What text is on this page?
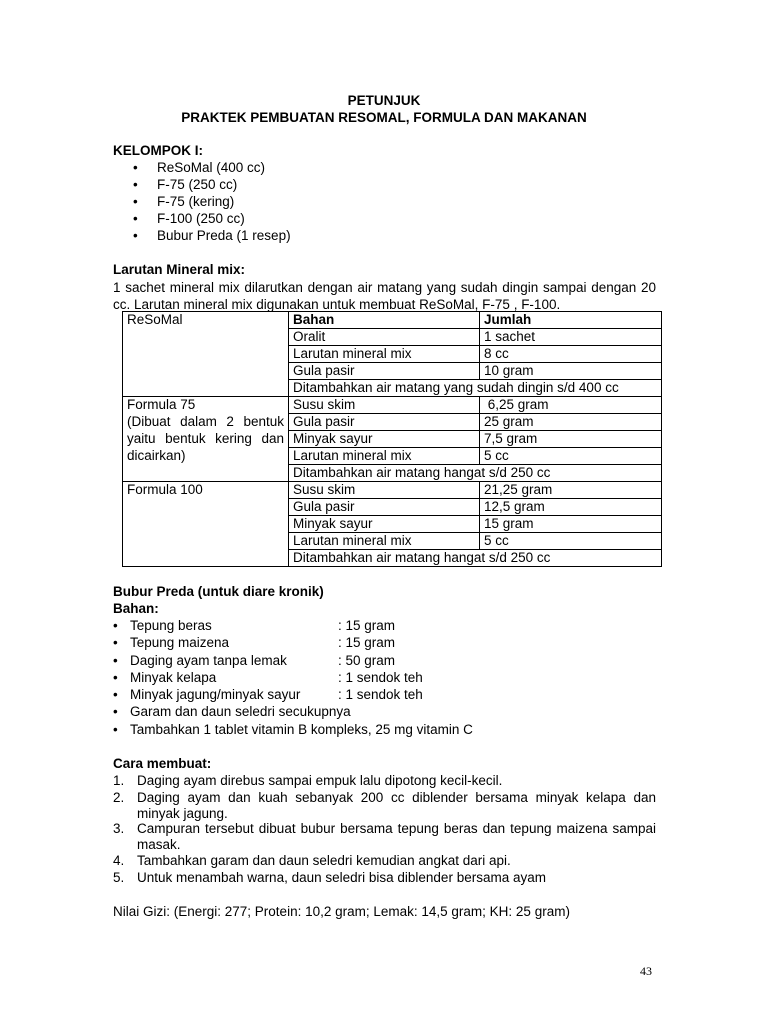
PETUNJUK
PRAKTEK PEMBUATAN RESOMAL, FORMULA DAN MAKANAN
KELOMPOK I:
• ReSoMal (400 cc)
• F-75 (250 cc)
• F-75 (kering)
• F-100 (250 cc)
• Bubur Preda (1 resep)
Larutan Mineral mix:
1 sachet mineral mix dilarutkan dengan air matang yang sudah dingin sampai dengan 20 cc. Larutan mineral mix digunakan untuk membuat ReSoMal, F-75 , F-100.
ReSoMal	Bahan	Jumlah
	Oralit	1 sachet
	Larutan mineral mix	8 cc
	Gula pasir	10 gram
	Ditambahkan air matang yang sudah dingin s/d 400 cc	

Formula 75
(Dibuat dalam 2 bentuk yaitu bentuk kering dan dicairkan)	Susu skim	6,25 gram
	Gula pasir	25 gram
	Minyak sayur	7,5 gram
	Larutan mineral mix	5 cc
	Ditambahkan air matang hangat s/d 250 cc	
Formula 100	Susu skim	21,25 gram
	Gula pasir	12,5 gram
	Minyak sayur	15 gram
	Larutan mineral mix	5 cc
	Ditambahkan air matang hangat s/d 250 cc	
Bubur Preda (untuk diare kronik)
Bahan:
• Tepung beras	: 15 gram
• Tepung maizena	: 15 gram
• Daging ayam tanpa lemak	: 50 gram
• Minyak kelapa	: 1 sendok teh
• Minyak jagung/minyak sayur	: 1 sendok teh
• Garam dan daun seledri secukupnya
• Tambahkan 1 tablet vitamin B kompleks, 25 mg vitamin C
Cara membuat:
1. Daging ayam direbus sampai empuk lalu dipotong kecil-kecil.
2. Daging ayam dan kuah sebanyak 200 cc diblender bersama minyak kelapa dan minyak jagung.
3. Campuran tersebut dibuat bubur bersama tepung beras dan tepung maizena sampai masak.
4. Tambahkan garam dan daun seledri kemudian angkat dari api.
5. Untuk menambah warna, daun seledri bisa diblender bersama ayam
Nilai Gizi: (Energi: 277; Protein: 10,2 gram; Lemak: 14,5 gram; KH: 25 gram)
43
